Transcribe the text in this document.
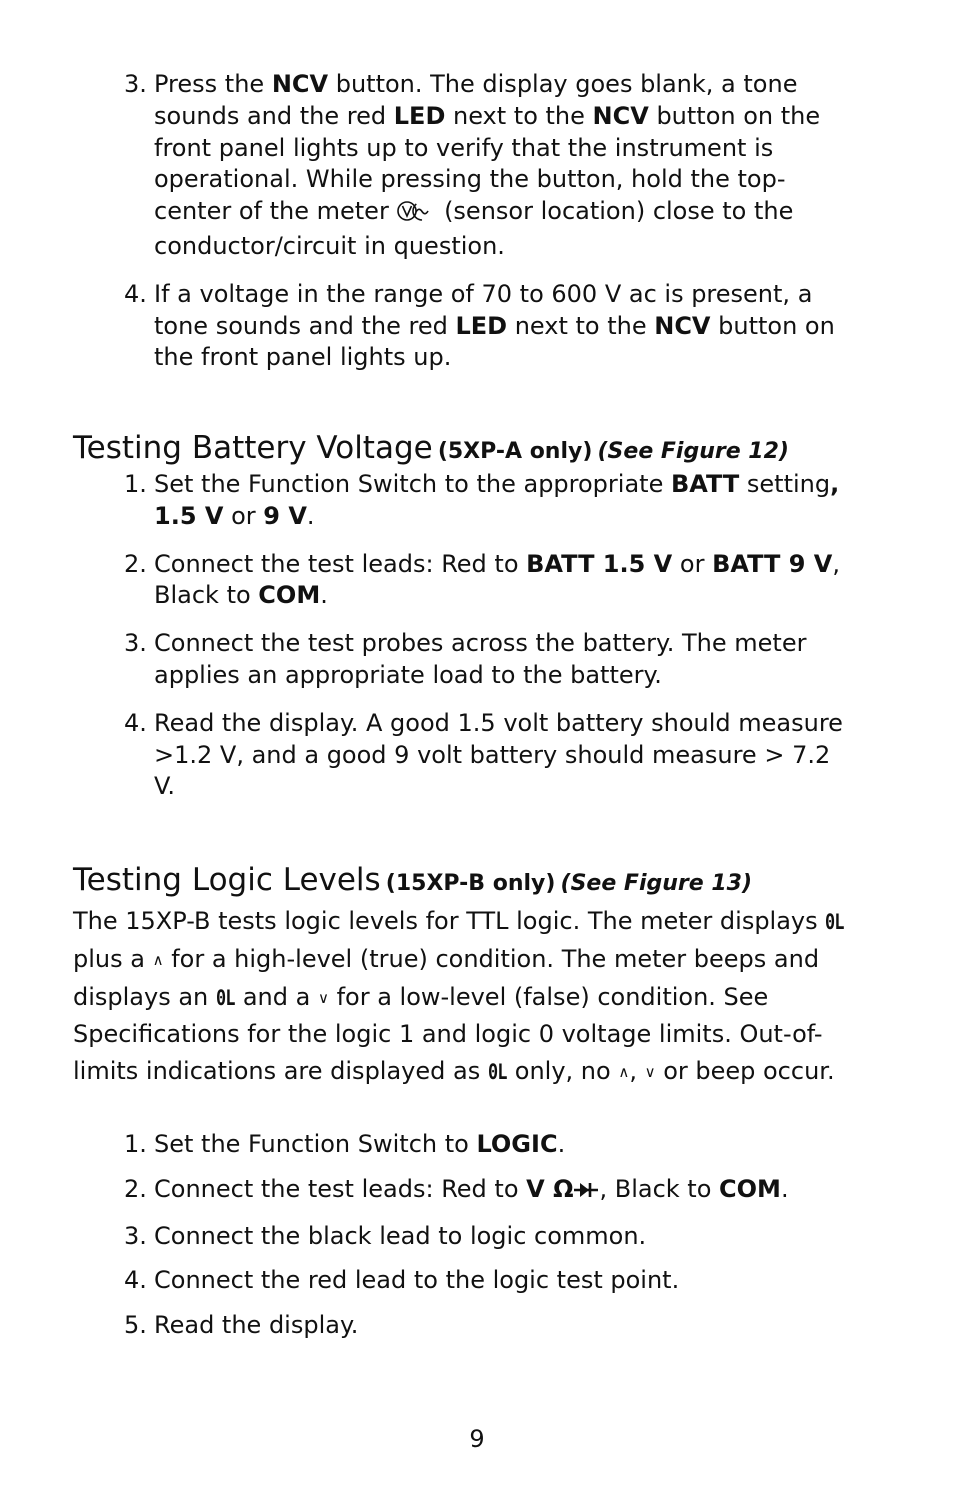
3. Press the NCV button. The display goes blank, a tone sounds and the red LED next to the NCV button on the front panel lights up to verify that the instrument is operational. While pressing the button, hold the top-center of the meter  (sensor location) close to the conductor/circuit in question.
4. If a voltage in the range of 70 to 600 V ac is present, a tone sounds and the red LED next to the NCV button on the front panel lights up.
Testing Battery Voltage (5XP-A only) (See Figure 12)
1. Set the Function Switch to the appropriate BATT setting, 1.5 V or 9 V.
2. Connect the test leads: Red to BATT 1.5 V or BATT 9 V, Black to COM.
3. Connect the test probes across the battery. The meter applies an appropriate load to the battery.
4. Read the display. A good 1.5 volt battery should measure >1.2 V, and a good 9 volt battery should measure > 7.2 V.
Testing Logic Levels (15XP-B only) (See Figure 13)

The 15XP-B tests logic levels for TTL logic. The meter displays 0L plus a ∧ for a high-level (true) condition. The meter beeps and displays an 0L and a ∨ for a low-level (false) condition. See Specifications for the logic 1 and logic 0 voltage limits. Out-of-limits indications are displayed as 0L only, no ∧, ∨ or beep occur.

1. Set the Function Switch to LOGIC.
2. Connect the test leads: Red to V Ω , Black to COM.
3. Connect the black lead to logic common.
4. Connect the red lead to the logic test point.
5. Read the display.
9
